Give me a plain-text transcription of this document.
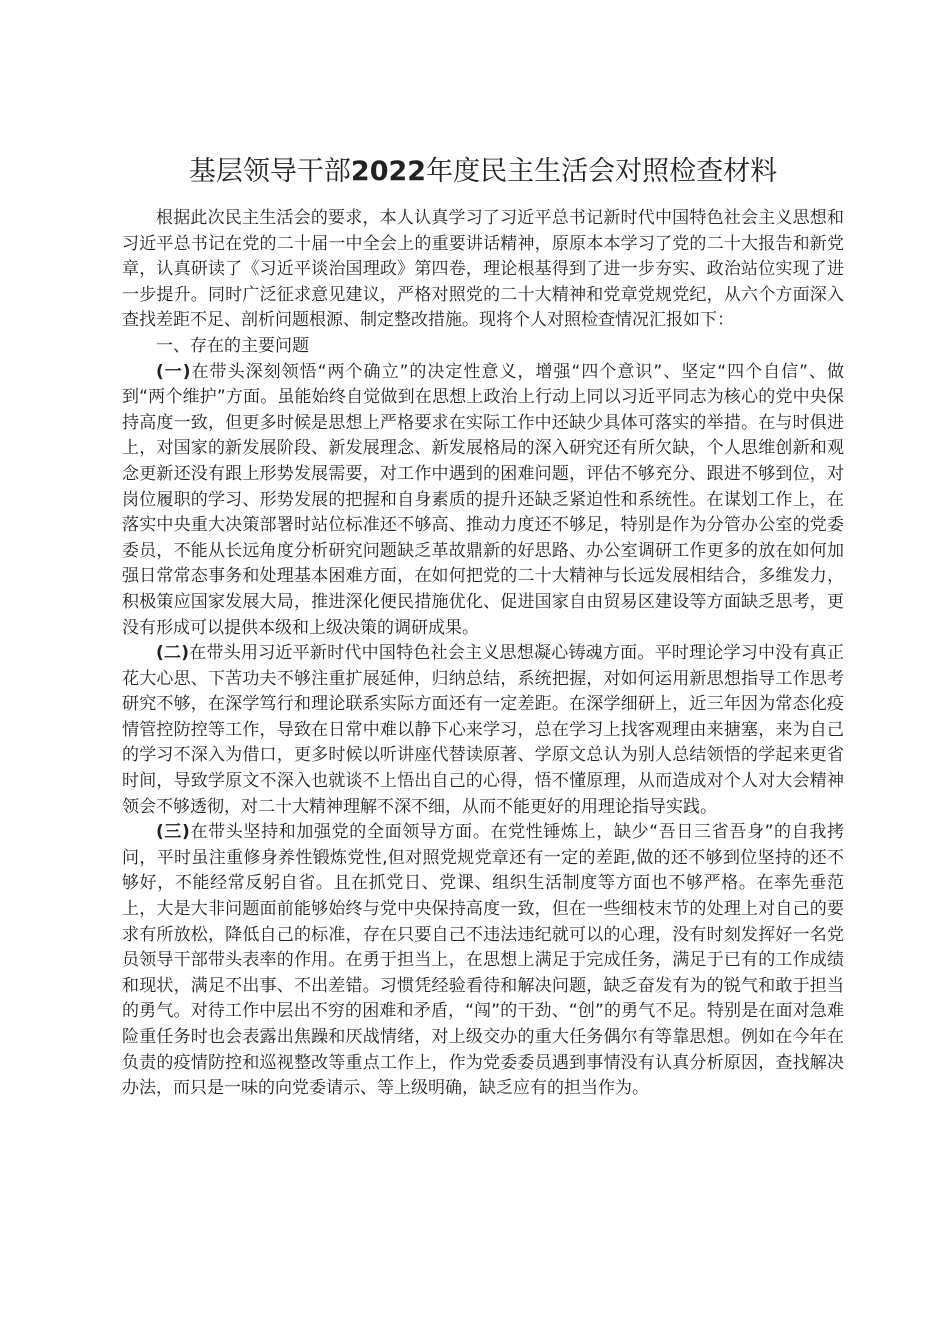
基层领导干部2022年度民主生活会对照检查材料

根据此次民主生活会的要求，本人认真学习了习近平总书记新时代中国特色社会主义思想和习近平总书记在党的二十届一中全会上的重要讲话精神，原原本本学习了党的二十大报告和新党章，认真研读了《习近平谈治国理政》第四卷，理论根基得到了进一步夯实、政治站位实现了进一步提升。同时广泛征求意见建议，严格对照党的二十大精神和党章党规党纪，从六个方面深入查找差距不足、剖析问题根源、制定整改措施。现将个人对照检查情况汇报如下：

一、存在的主要问题

(一)在带头深刻领悟“两个确立”的决定性意义，增强“四个意识”、坚定“四个自信”、做到“两个维护”方面。虽能始终自觉做到在思想上政治上行动上同以习近平同志为核心的党中央保持高度一致，但更多时候是思想上严格要求在实际工作中还缺少具体可落实的举措。在与时俱进上，对国家的新发展阶段、新发展理念、新发展格局的深入研究还有所欠缺，个人思维创新和观念更新还没有跟上形势发展需要，对工作中遇到的困难问题，评估不够充分、跟进不够到位，对岗位履职的学习、形势发展的把握和自身素质的提升还缺乏紧迫性和系统性。在谋划工作上，在落实中央重大决策部署时站位标准还不够高、推动力度还不够足，特别是作为分管办公室的党委委员，不能从长远角度分析研究问题缺乏革故鼎新的好思路、办公室调研工作更多的放在如何加强日常常态事务和处理基本困难方面，在如何把党的二十大精神与长远发展相结合，多维发力，积极策应国家发展大局，推进深化便民措施优化、促进国家自由贸易区建设等方面缺乏思考，更没有形成可以提供本级和上级决策的调研成果。

(二)在带头用习近平新时代中国特色社会主义思想凝心铸魂方面。平时理论学习中没有真正花大心思、下苦功夫不够注重扩展延伸，归纳总结，系统把握，对如何运用新思想指导工作思考研究不够，在深学笃行和理论联系实际方面还有一定差距。在深学细研上，近三年因为常态化疫情管控防控等工作，导致在日常中难以静下心来学习，总在学习上找客观理由来搪塞，来为自己的学习不深入为借口，更多时候以听讲座代替读原著、学原文总认为别人总结领悟的学起来更省时间，导致学原文不深入也就谈不上悟出自己的心得，悟不懂原理，从而造成对个人对大会精神领会不够透彻，对二十大精神理解不深不细，从而不能更好的用理论指导实践。

(三)在带头坚持和加强党的全面领导方面。在党性锤炼上，缺少“吾日三省吾身”的自我拷问，平时虽注重修身养性锻炼党性,但对照党规党章还有一定的差距,做的还不够到位坚持的还不够好，不能经常反躬自省。且在抓党日、党课、组织生活制度等方面也不够严格。在率先垂范上，大是大非问题面前能够始终与党中央保持高度一致，但在一些细枝末节的处理上对自己的要求有所放松，降低自己的标准，存在只要自己不违法违纪就可以的心理，没有时刻发挥好一名党员领导干部带头表率的作用。在勇于担当上，在思想上满足于完成任务，满足于已有的工作成绩和现状，满足不出事、不出差错。习惯凭经验看待和解决问题，缺乏奋发有为的锐气和敢于担当的勇气。对待工作中层出不穷的困难和矛盾，“闯”的干劲、“创”的勇气不足。特别是在面对急难险重任务时也会表露出焦躁和厌战情绪，对上级交办的重大任务偶尔有等靠思想。例如在今年在负责的疫情防控和巡视整改等重点工作上，作为党委委员遇到事情没有认真分析原因，查找解决办法，而只是一味的向党委请示、等上级明确，缺乏应有的担当作为。
